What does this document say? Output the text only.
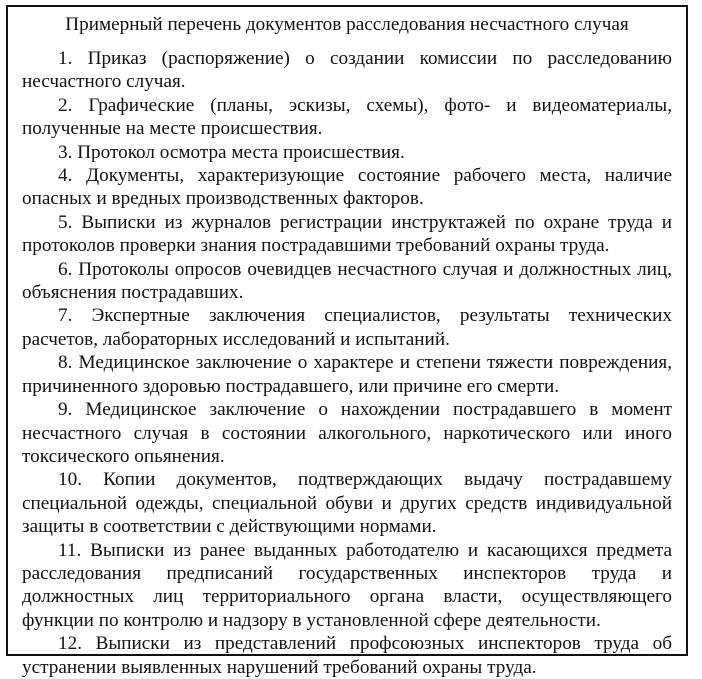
Примерный перечень документов расследования несчастного случая

1. Приказ (распоряжение) о создании комиссии по расследованию несчастного случая.

2. Графические (планы, эскизы, схемы), фото- и видеоматериалы, полученные на месте происшествия.

3. Протокол осмотра места происшествия.

4. Документы, характеризующие состояние рабочего места, наличие опасных и вредных производственных факторов.

5. Выписки из журналов регистрации инструктажей по охране труда и протоколов проверки знания пострадавшими требований охраны труда.

6. Протоколы опросов очевидцев несчастного случая и должностных лиц, объяснения пострадавших.

7. Экспертные заключения специалистов, результаты технических расчетов, лабораторных исследований и испытаний.

8. Медицинское заключение о характере и степени тяжести повреждения, причиненного здоровью пострадавшего, или причине его смерти.

9. Медицинское заключение о нахождении пострадавшего в момент несчастного случая в состоянии алкогольного, наркотического или иного токсического опьянения.

10. Копии документов, подтверждающих выдачу пострадавшему специальной одежды, специальной обуви и других средств индивидуальной защиты в соответствии с действующими нормами.

11. Выписки из ранее выданных работодателю и касающихся предмета расследования предписаний государственных инспекторов труда и должностных лиц территориального органа власти, осуществляющего функции по контролю и надзору в установленной сфере деятельности.

12. Выписки из представлений профсоюзных инспекторов труда об устранении выявленных нарушений требований охраны труда.
